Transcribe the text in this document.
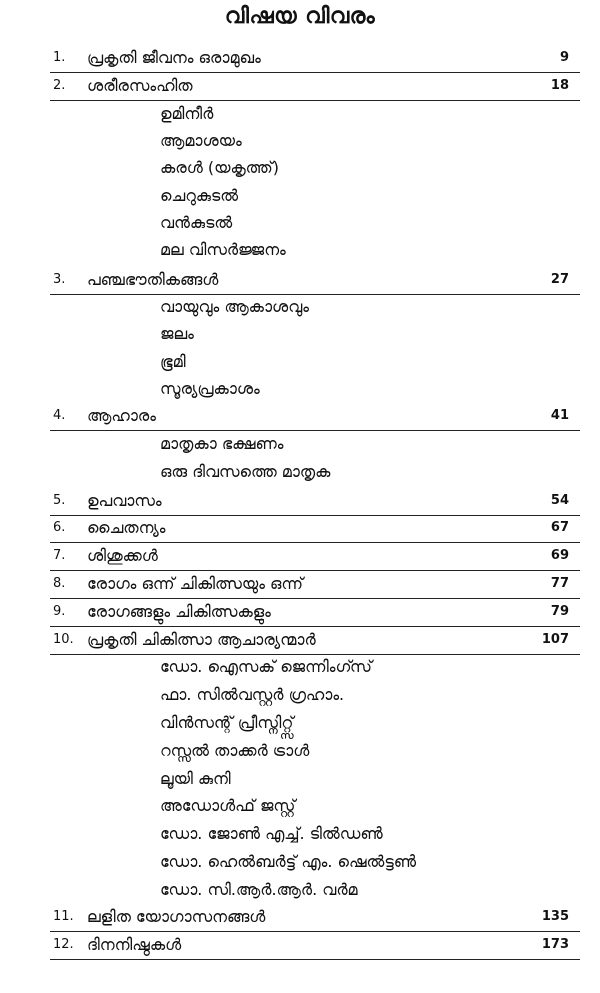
വിഷയ വിവരം
1. പ്രകൃതി ജീവനം ഒരാമുഖം	9
2. ശരീരസംഹിത	18
ഉമിനീർ
ആമാശയം
കരൾ (യകൃത്ത്)
ചെറുകുടൽ
വൻകുടൽ
മല വിസർജ്ജനം
3. പഞ്ചഭൗതികങ്ങൾ	27
വായുവും ആകാശവും
ജലം
ഭൂമി
സൂര്യപ്രകാശം
4. ആഹാരം	41
മാതൃകാ ഭക്ഷണം
ഒരു ദിവസത്തെ മാതൃക
5. ഉപവാസം	54
6. ചൈതന്യം	67
7. ശിശുക്കൾ	69
8. രോഗം ഒന്ന് ചികിത്സയും ഒന്ന്	77
9. രോഗങ്ങളും ചികിത്സകളും	79
10. പ്രകൃതി ചികിത്സാ ആചാര്യന്മാർ	107
ഡോ. ഐസക് ജെന്നിംഗ്സ്
ഫാ. സിൽവസ്റ്റർ ഗ്രഹാം.
വിൻസന്റ് പ്രീസ്നിറ്റ്സ്
റസ്സൽ താക്കർ ട്രാൾ
ലൂയി കുനി
അഡോൾഫ് ജസ്റ്റ്
ഡോ. ജോൺ എച്ച്. ടിൽഡൺ
ഡോ. ഹെൽബർട്ട് എം. ഷെൽട്ടൺ
ഡോ. സി.ആർ.ആർ. വർമ
11. ലളിത യോഗാസനങ്ങൾ	135
12. ദിനനിഷ്ഠകൾ	173
